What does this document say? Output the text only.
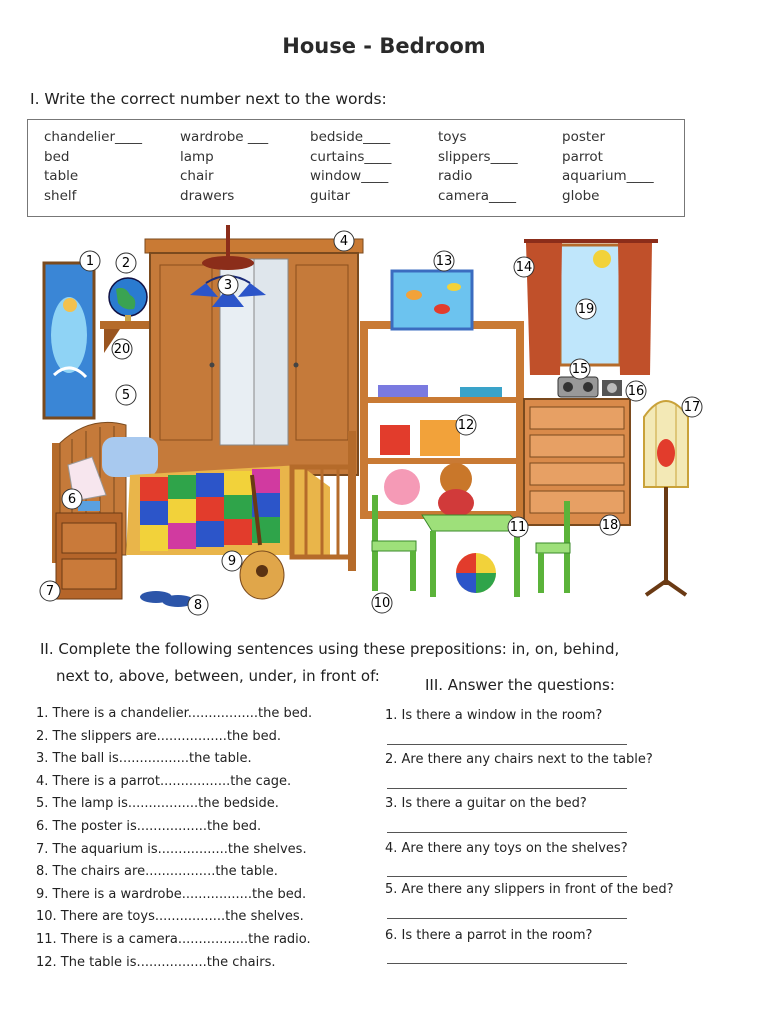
House - Bedroom
I. Write the correct number next to the words:
chandelier____
bed
table
shelf
wardrobe ___
lamp
chair
drawers
bedside____
curtains____
window____
guitar
toys
slippers____
radio
camera____
poster
parrot
aquarium____
globe
1 2
3
4
5
6
7
8
9
10
11
12
13	14
15
16
17
18
19
20
II. Complete the following sentences using these prepositions: in, on, behind,
next to, above, between, under, in front of:	III. Answer the questions:
1. There is a chandelier.................the bed.
2. The slippers are.................the bed.
3. The ball is.................the table.
4. There is a parrot.................the cage.
5. The lamp is.................the bedside.
6. The poster is.................the bed.
7. The aquarium is.................the shelves.
8. The chairs are.................the table.
9. There is a wardrobe.................the bed.
10. There are toys.................the shelves.
11. There is a camera.................the radio.
12. The table is.................the chairs.
1. Is there a window in the room?
2. Are there any chairs next to the table?
3. Is there a guitar on the bed?
4. Are there any toys on the shelves?
5. Are there any slippers in front of the bed?
6. Is there a parrot in the room?
